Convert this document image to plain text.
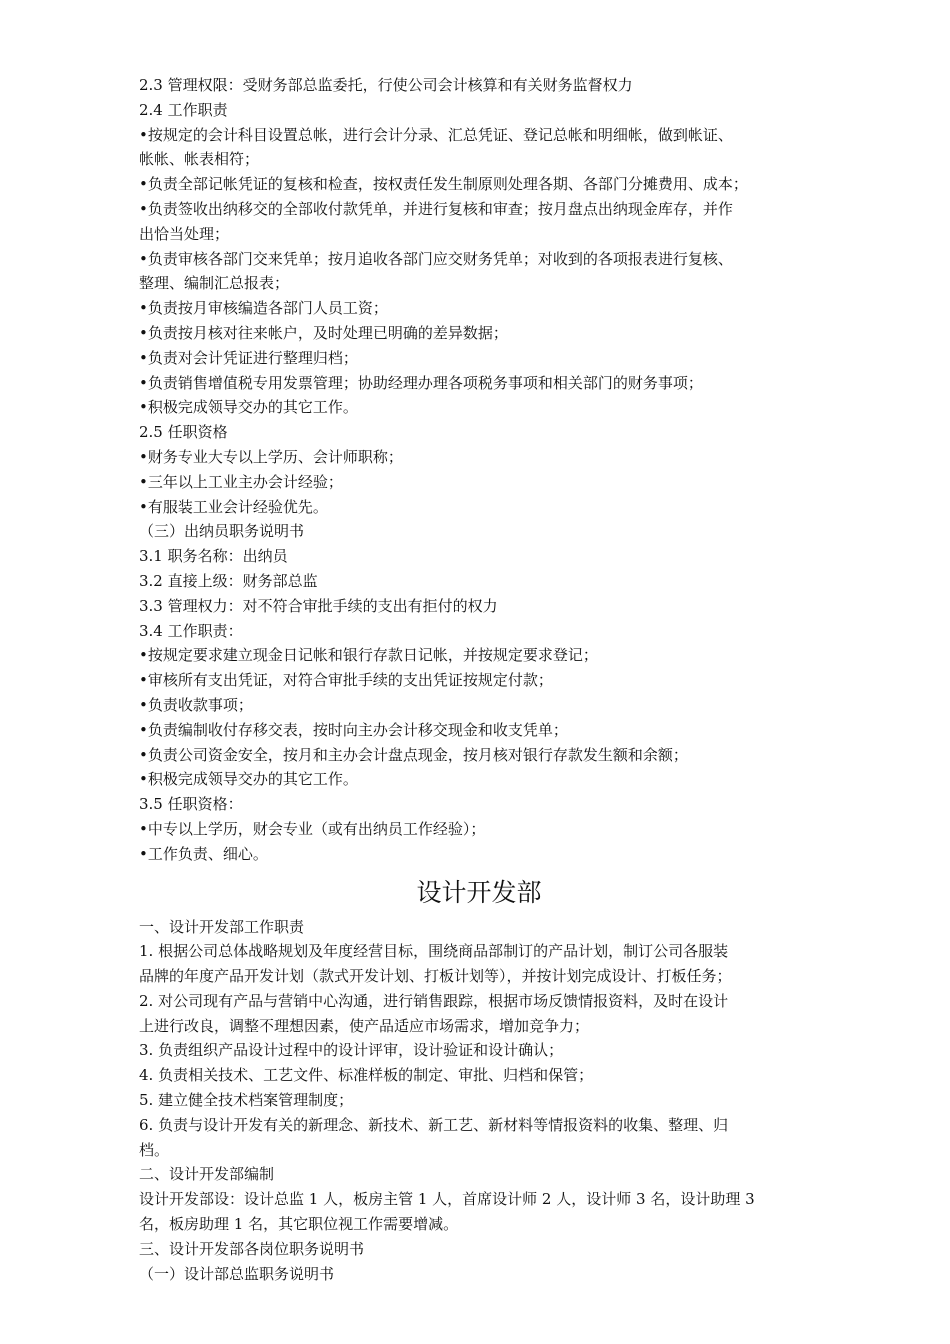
2.3 管理权限：受财务部总监委托，行使公司会计核算和有关财务监督权力
2.4 工作职责
•按规定的会计科目设置总帐，进行会计分录、汇总凭证、登记总帐和明细帐，做到帐证、
帐帐、帐表相符；
•负责全部记帐凭证的复核和检查，按权责任发生制原则处理各期、各部门分摊费用、成本；
•负责签收出纳移交的全部收付款凭单，并进行复核和审查；按月盘点出纳现金库存，并作
出恰当处理；
•负责审核各部门交来凭单；按月追收各部门应交财务凭单；对收到的各项报表进行复核、
整理、编制汇总报表；
•负责按月审核编造各部门人员工资；
•负责按月核对往来帐户，及时处理已明确的差异数据；
•负责对会计凭证进行整理归档；
•负责销售增值税专用发票管理；协助经理办理各项税务事项和相关部门的财务事项；
•积极完成领导交办的其它工作。
2.5 任职资格
•财务专业大专以上学历、会计师职称；
•三年以上工业主办会计经验；
•有服装工业会计经验优先。
（三）出纳员职务说明书
3.1 职务名称：出纳员
3.2 直接上级：财务部总监
3.3 管理权力：对不符合审批手续的支出有拒付的权力
3.4 工作职责：
•按规定要求建立现金日记帐和银行存款日记帐，并按规定要求登记；
•审核所有支出凭证，对符合审批手续的支出凭证按规定付款；
•负责收款事项；
•负责编制收付存移交表，按时向主办会计移交现金和收支凭单；
•负责公司资金安全，按月和主办会计盘点现金，按月核对银行存款发生额和余额；
•积极完成领导交办的其它工作。
3.5 任职资格：
•中专以上学历，财会专业（或有出纳员工作经验）；
•工作负责、细心。
设计开发部
一、设计开发部工作职责
1. 根据公司总体战略规划及年度经营目标，围绕商品部制订的产品计划，制订公司各服装
品牌的年度产品开发计划（款式开发计划、打板计划等），并按计划完成设计、打板任务；
2. 对公司现有产品与营销中心沟通，进行销售跟踪，根据市场反馈情报资料，及时在设计
上进行改良，调整不理想因素，使产品适应市场需求，增加竞争力；
3. 负责组织产品设计过程中的设计评审，设计验证和设计确认；
4. 负责相关技术、工艺文件、标准样板的制定、审批、归档和保管；
5. 建立健全技术档案管理制度；
6. 负责与设计开发有关的新理念、新技术、新工艺、新材料等情报资料的收集、整理、归
档。
二、设计开发部编制
设计开发部设：设计总监 1 人，板房主管 1 人，首席设计师 2 人，设计师 3 名，设计助理 3
名，板房助理 1 名，其它职位视工作需要增减。
三、设计开发部各岗位职务说明书
（一）设计部总监职务说明书
